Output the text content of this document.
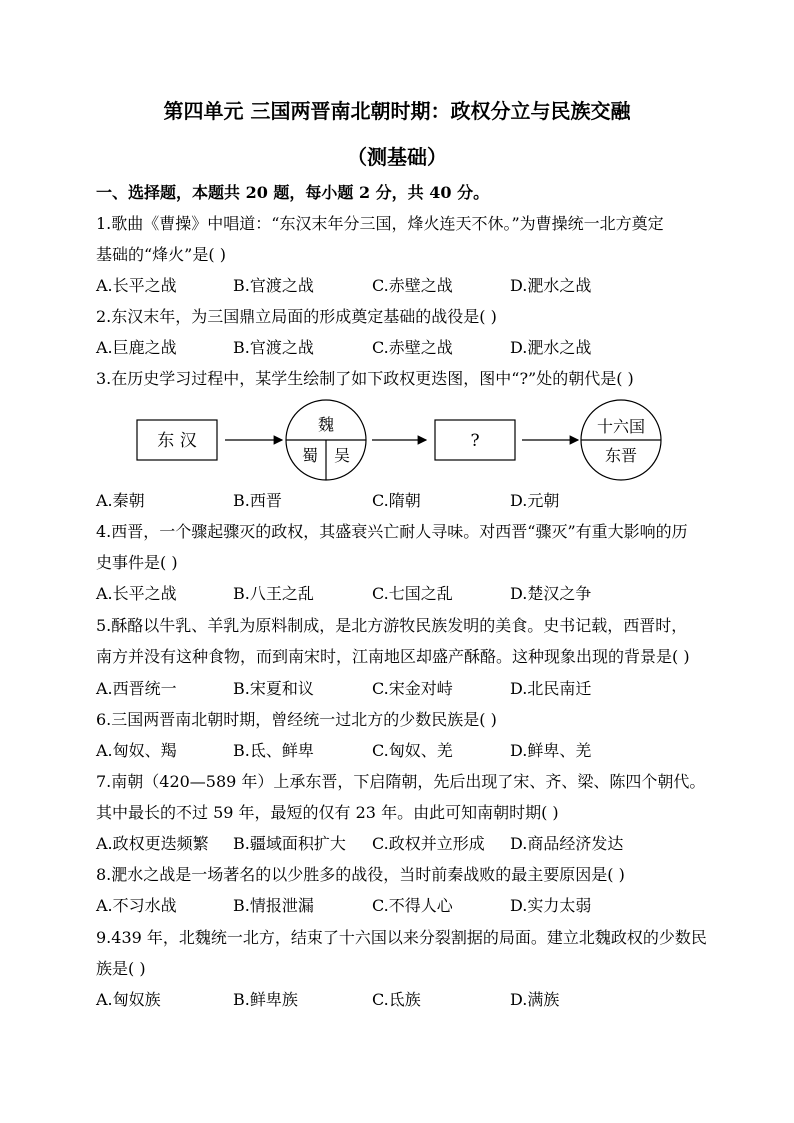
第四单元 三国两晋南北朝时期：政权分立与民族交融
（测基础）
一、选择题，本题共 20 题，每小题 2 分，共 40 分。
1.歌曲《曹操》中唱道：“东汉末年分三国，烽火连天不休。”为曹操统一北方奠定
基础的“烽火”是( )
A.长平之战	B.官渡之战	C.赤壁之战	D.淝水之战
2.东汉末年，为三国鼎立局面的形成奠定基础的战役是( )
A.巨鹿之战	B.官渡之战	C.赤壁之战	D.淝水之战
3.在历史学习过程中，某学生绘制了如下政权更迭图，图中“?”处的朝代是( )
东 汉
魏
蜀 吴
?
十六国
东晋
A.秦朝	B.西晋	C.隋朝	D.元朝
4.西晋，一个骤起骤灭的政权，其盛衰兴亡耐人寻味。对西晋“骤灭”有重大影响的历
史事件是( )
A.长平之战	B.八王之乱	C.七国之乱	D.楚汉之争
5.酥酪以牛乳、羊乳为原料制成，是北方游牧民族发明的美食。史书记载，西晋时，
南方并没有这种食物，而到南宋时，江南地区却盛产酥酪。这种现象出现的背景是( )
A.西晋统一	B.宋夏和议	C.宋金对峙	D.北民南迁
6.三国两晋南北朝时期，曾经统一过北方的少数民族是( )
A.匈奴、羯	B.氐、鲜卑	C.匈奴、羌	D.鲜卑、羌
7.南朝（420—589 年）上承东晋，下启隋朝，先后出现了宋、齐、梁、陈四个朝代。
其中最长的不过 59 年，最短的仅有 23 年。由此可知南朝时期( )
A.政权更迭频繁 B.疆域面积扩大 C.政权并立形成 D.商品经济发达
8.淝水之战是一场著名的以少胜多的战役，当时前秦战败的最主要原因是( )
A.不习水战	B.情报泄漏	C.不得人心	D.实力太弱
9.439 年，北魏统一北方，结束了十六国以来分裂割据的局面。建立北魏政权的少数民
族是( )
A.匈奴族	B.鲜卑族	C.氐族	D.满族
